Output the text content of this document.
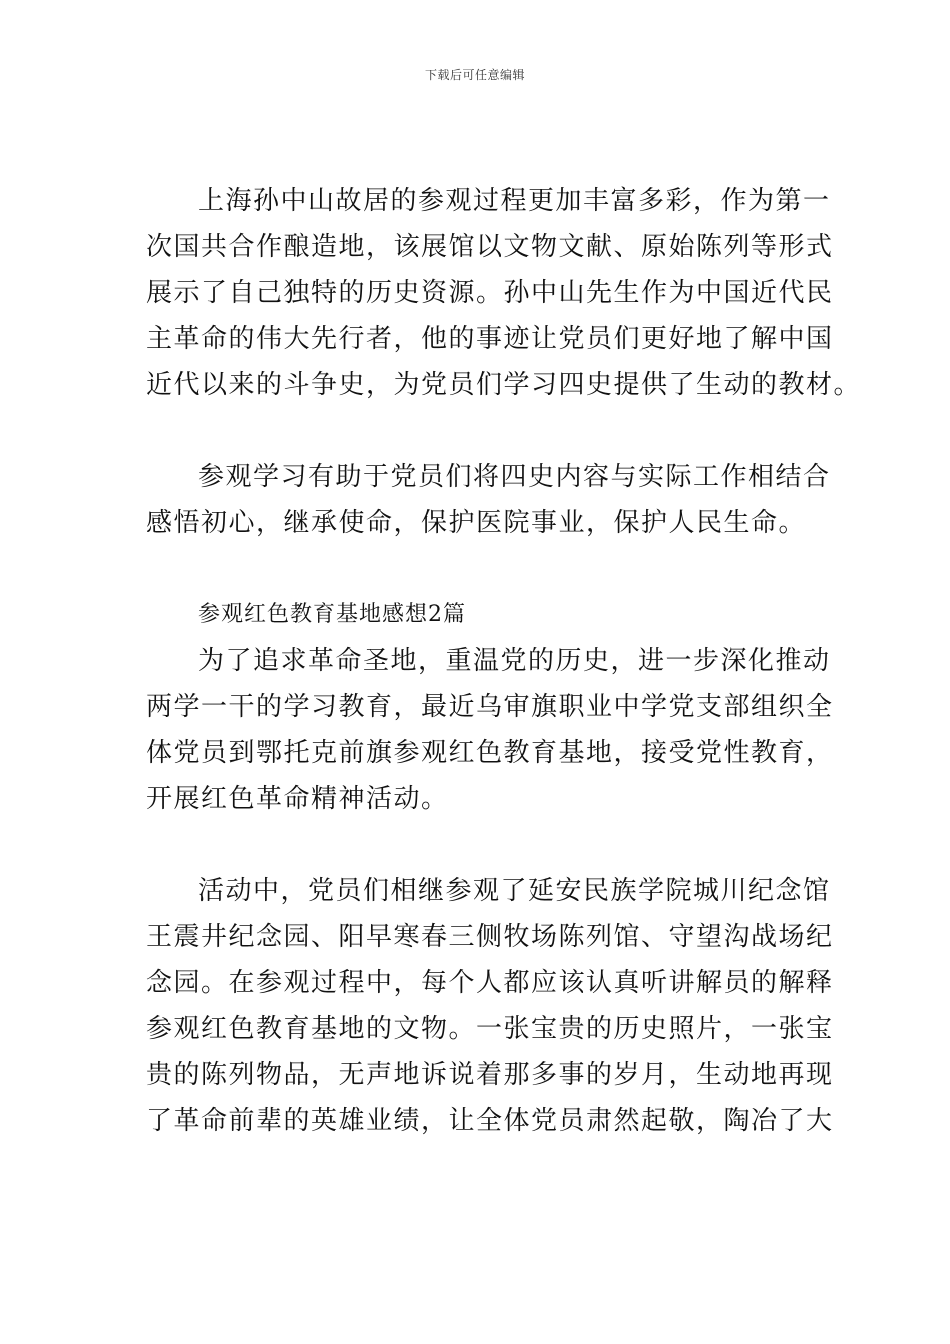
下载后可任意编辑
上海孙中山故居的参观过程更加丰富多彩，作为第一
次国共合作酿造地，该展馆以文物文献、原始陈列等形式
展示了自己独特的历史资源。孙中山先生作为中国近代民
主革命的伟大先行者，他的事迹让党员们更好地了解中国
近代以来的斗争史，为党员们学习四史提供了生动的教材。
参观学习有助于党员们将四史内容与实际工作相结合
感悟初心，继承使命，保护医院事业，保护人民生命。
参观红色教育基地感想2篇
为了追求革命圣地，重温党的历史，进一步深化推动
两学一干的学习教育，最近乌审旗职业中学党支部组织全
体党员到鄂托克前旗参观红色教育基地，接受党性教育，
开展红色革命精神活动。
活动中，党员们相继参观了延安民族学院城川纪念馆
王震井纪念园、阳早寒春三侧牧场陈列馆、守望沟战场纪
念园。在参观过程中，每个人都应该认真听讲解员的解释
参观红色教育基地的文物。一张宝贵的历史照片，一张宝
贵的陈列物品，无声地诉说着那多事的岁月，生动地再现
了革命前辈的英雄业绩，让全体党员肃然起敬，陶冶了大
